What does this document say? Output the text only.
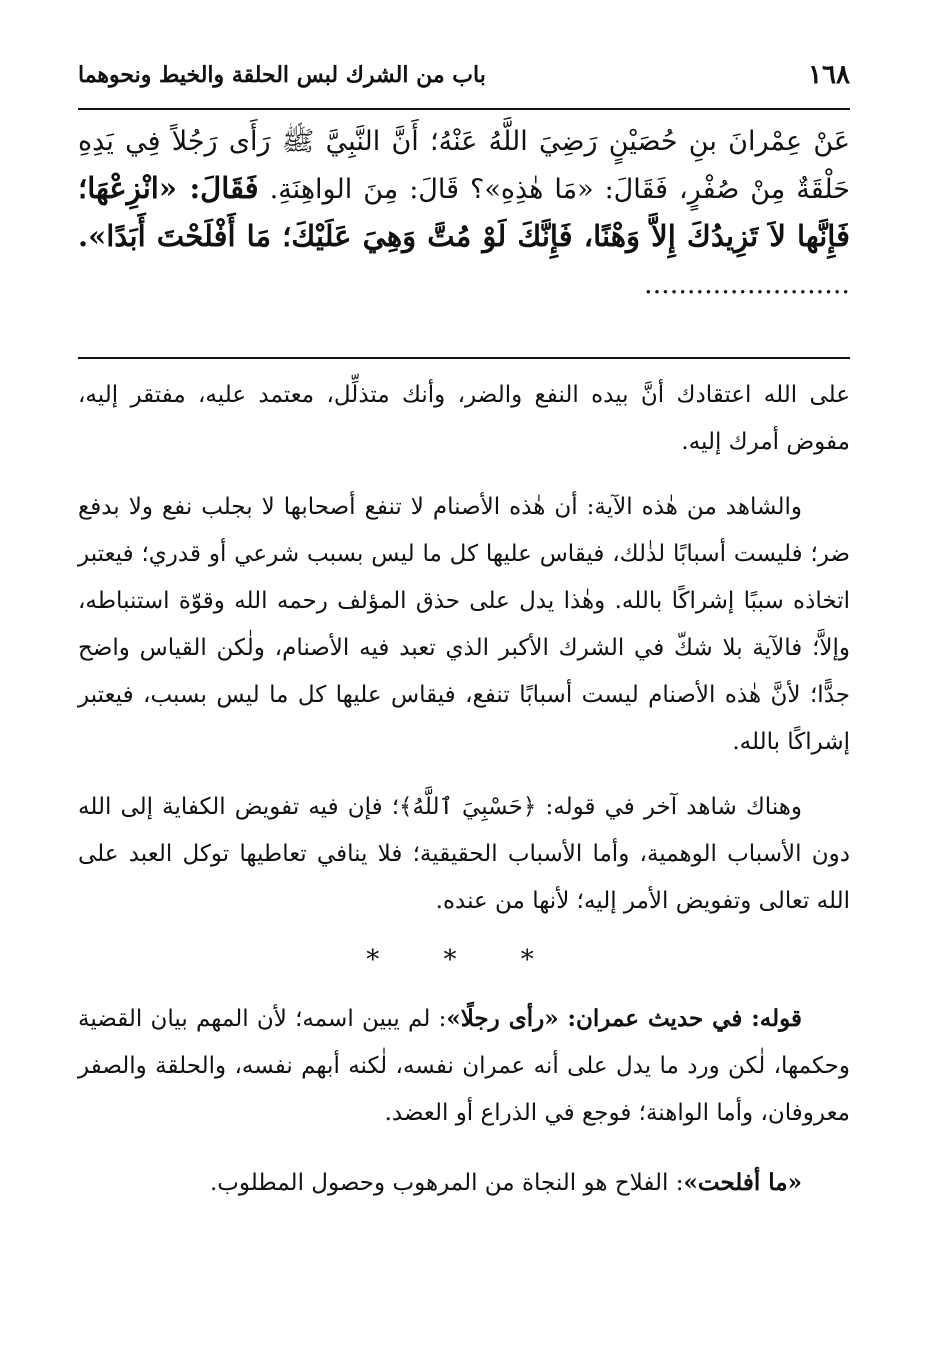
١٦٨
باب من الشرك لبس الحلقة والخيط ونحوهما
عَنْ عِمْرانَ بنِ حُصَيْنٍ رَضِيَ اللَّهُ عَنْهُ؛ أَنَّ النَّبِيَّ ﷺ رَأَى رَجُلاً فِي يَدِهِ حَلْقَةٌ مِنْ صُفْرٍ، فَقَالَ: «مَا هٰذِهِ»؟ قَالَ: مِنَ الواهِنَةِ. فَقَالَ: «انْزِعْهَا؛ فَإِنَّها لاَ تَزِيدُكَ إِلاَّ وَهْنًا، فَإِنَّكَ لَوْ مُتَّ وَهِيَ عَلَيْكَ؛ مَا أَفْلَحْتَ أَبَدًا». ........................

على الله اعتقادك أنَّ بيده النفع والضر، وأنك متذلِّل، معتمد عليه، مفتقر إليه، مفوض أمرك إليه.

والشاهد من هٰذه الآية: أن هٰذه الأصنام لا تنفع أصحابها لا بجلب نفع ولا بدفع ضر؛ فليست أسبابًا لذٰلك، فيقاس عليها كل ما ليس بسبب شرعي أو قدري؛ فيعتبر اتخاذه سببًا إشراكًا بالله. وهٰذا يدل على حذق المؤلف رحمه الله وقوّة استنباطه، وإلاَّ؛ فالآية بلا شكّ في الشرك الأكبر الذي تعبد فيه الأصنام، ولٰكن القياس واضح جدًّا؛ لأنَّ هٰذه الأصنام ليست أسبابًا تنفع، فيقاس عليها كل ما ليس بسبب، فيعتبر إشراكًا بالله.

وهناك شاهد آخر في قوله: ﴿حَسْبِيَ ٱللَّهُ﴾؛ فإن فيه تفويض الكفاية إلى الله دون الأسباب الوهمية، وأما الأسباب الحقيقية؛ فلا ينافي تعاطيها توكل العبد على الله تعالى وتفويض الأمر إليه؛ لأنها من عنده.

* * *

قوله: في حديث عمران: «رأى رجلًا»: لم يبين اسمه؛ لأن المهم بيان القضية وحكمها، لٰكن ورد ما يدل على أنه عمران نفسه، لٰكنه أبهم نفسه، والحلقة والصفر معروفان، وأما الواهنة؛ فوجع في الذراع أو العضد.

«ما أفلحت»: الفلاح هو النجاة من المرهوب وحصول المطلوب.
